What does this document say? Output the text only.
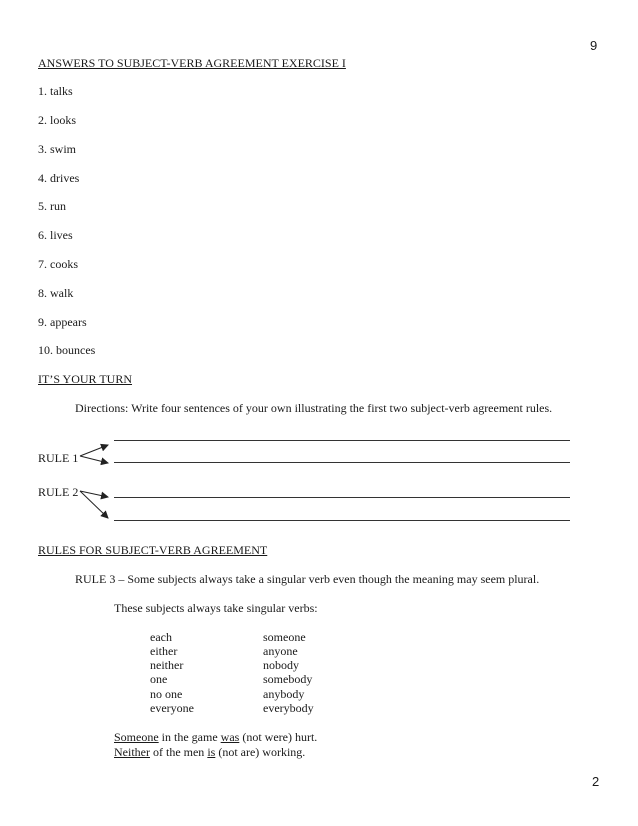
9
ANSWERS TO SUBJECT-VERB AGREEMENT EXERCISE I
1. talks
2. looks
3. swim
4. drives
5. run
6. lives
7. cooks
8. walk
9. appears
10. bounces
IT’S YOUR TURN
Directions: Write four sentences of your own illustrating the first two subject-verb agreement rules.
RULE 1
RULE 2
RULES FOR SUBJECT-VERB AGREEMENT
RULE 3 – Some subjects always take a singular verb even though the meaning may seem plural.
These subjects always take singular verbs:
each
either
neither
one
no one
everyone
someone
anyone
nobody
somebody
anybody
everybody
Someone in the game was (not were) hurt.
Neither of the men is (not are) working.
2
